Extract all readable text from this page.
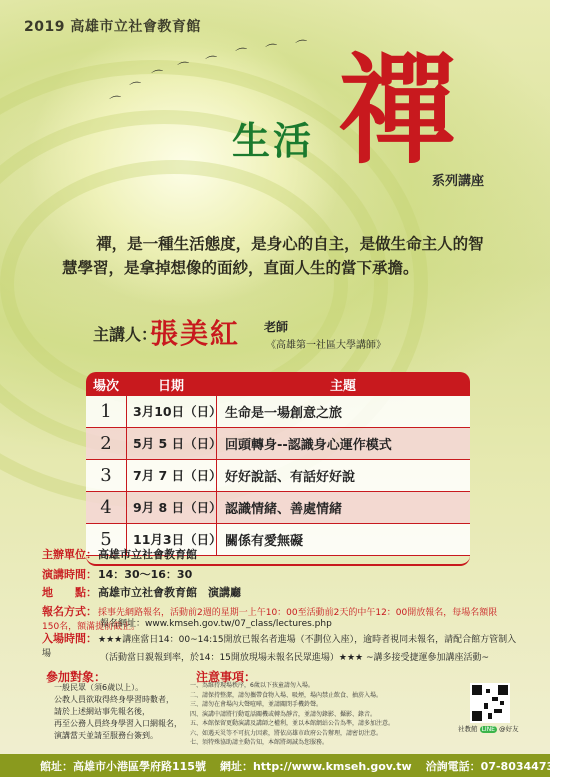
⌒
⌒
⌒
⌒ ⌒
⌒ ⌒ ⌒
2019 高雄市立社會教育館
禪
生活
系列講座
禪，是一種生活態度，是身心的自主，是做生命主人的智慧學習，是拿掉想像的面紗，直面人生的當下承擔。
主講人：
張美紅 老師
《高雄第一社區大學講師》
場次	日期	主題
1	3月10日（日） 生命是一場創意之旅
2	5月 5 日（日） 回頭轉身--認識身心運作模式
3	7月 7 日（日） 好好說話、有話好好說
4	9月 8 日（日） 認識情緒、善處情緒
5	11月3日（日） 關係有愛無礙
主辦單位：高雄市立社會教育館
演講時間：14：30～16：30
地　　點：高雄市立社會教育館　演講廳
報名方式：採事先網路報名，活動前2週的星期一上午10：00至活動前2天的中午12：00開放報名，每場名額限150名，額滿提前截止。
報名網址：www.kmseh.gov.tw/07_class/lectures.php
入場時間：★★★講座當日14：00~14:15開放已報名者進場（不劃位入座），逾時者視同未報名，請配合館方管制入場	（活動當日親報到率，於14：15開放現場未報名民眾進場）★★★ ~講多接受捷運參加講座活動~
參加對象：
一般民眾（須6歲以上）。
公教人員欲取得終身學習時數者，
請於上述網站事先報名後，
再至公務人員終身學習入口網報名，
演講當天並請至服務台簽到。
注意事項：
一、為維持現場秩序，6歲以下孩童請勿入場。
二、請保持整潔，請勿攜帶食物入場、吸煙，場內禁止飲食、抽菸入場。
三、請勿在會場內大聲喧嘩，並請關閉手機鈴聲。
四、演講中請將行動電話關機或轉為靜音，並請勿錄影、攝影、錄音。
五、本館保留更動演講及講師之權利，並以本館網站公告為準，請多加注意。
六、如遇天災等不可抗力因素，將依高雄市政府公告辦理，請密切注意。
七、須特殊協助請主動告知，本館將竭誠為您服務。
社教館 LINE @好友
館址：高雄市小港區學府路115號 網址：http://www.kmseh.gov.tw 洽詢電話：07-8034473轉212
